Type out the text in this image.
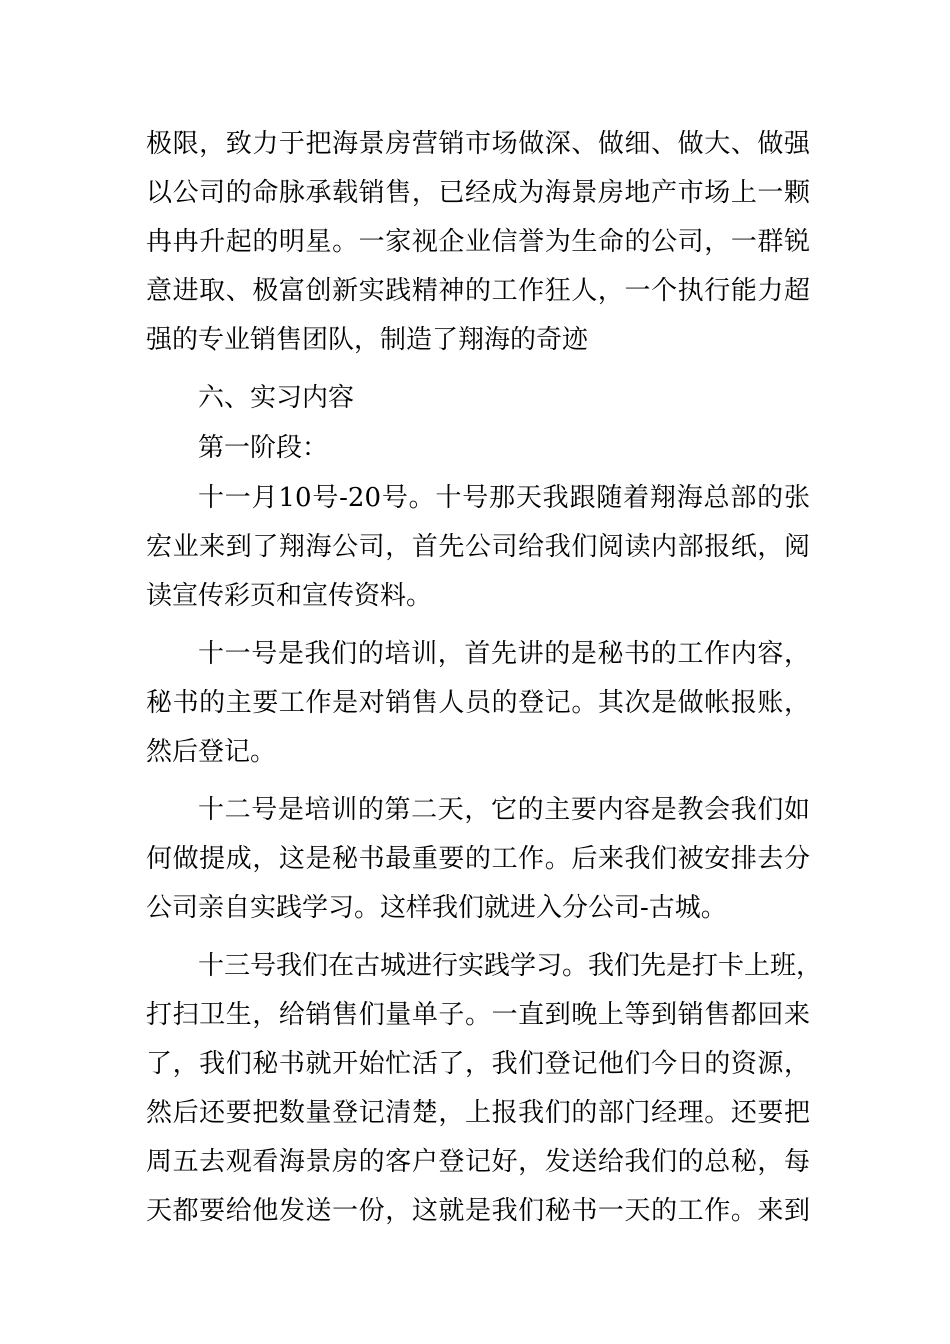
极限，致力于把海景房营销市场做深、做细、做大、做强
以公司的命脉承载销售，已经成为海景房地产市场上一颗
冉冉升起的明星。一家视企业信誉为生命的公司，一群锐
意进取、极富创新实践精神的工作狂人，一个执行能力超
强的专业销售团队，制造了翔海的奇迹
六、实习内容
第一阶段：
十一月10号-20号。十号那天我跟随着翔海总部的张
宏业来到了翔海公司，首先公司给我们阅读内部报纸，阅
读宣传彩页和宣传资料。
十一号是我们的培训，首先讲的是秘书的工作内容，
秘书的主要工作是对销售人员的登记。其次是做帐报账，
然后登记。
十二号是培训的第二天，它的主要内容是教会我们如
何做提成，这是秘书最重要的工作。后来我们被安排去分
公司亲自实践学习。这样我们就进入分公司-古城。
十三号我们在古城进行实践学习。我们先是打卡上班，
打扫卫生，给销售们量单子。一直到晚上等到销售都回来
了，我们秘书就开始忙活了，我们登记他们今日的资源，
然后还要把数量登记清楚，上报我们的部门经理。还要把
周五去观看海景房的客户登记好，发送给我们的总秘，每
天都要给他发送一份，这就是我们秘书一天的工作。来到
